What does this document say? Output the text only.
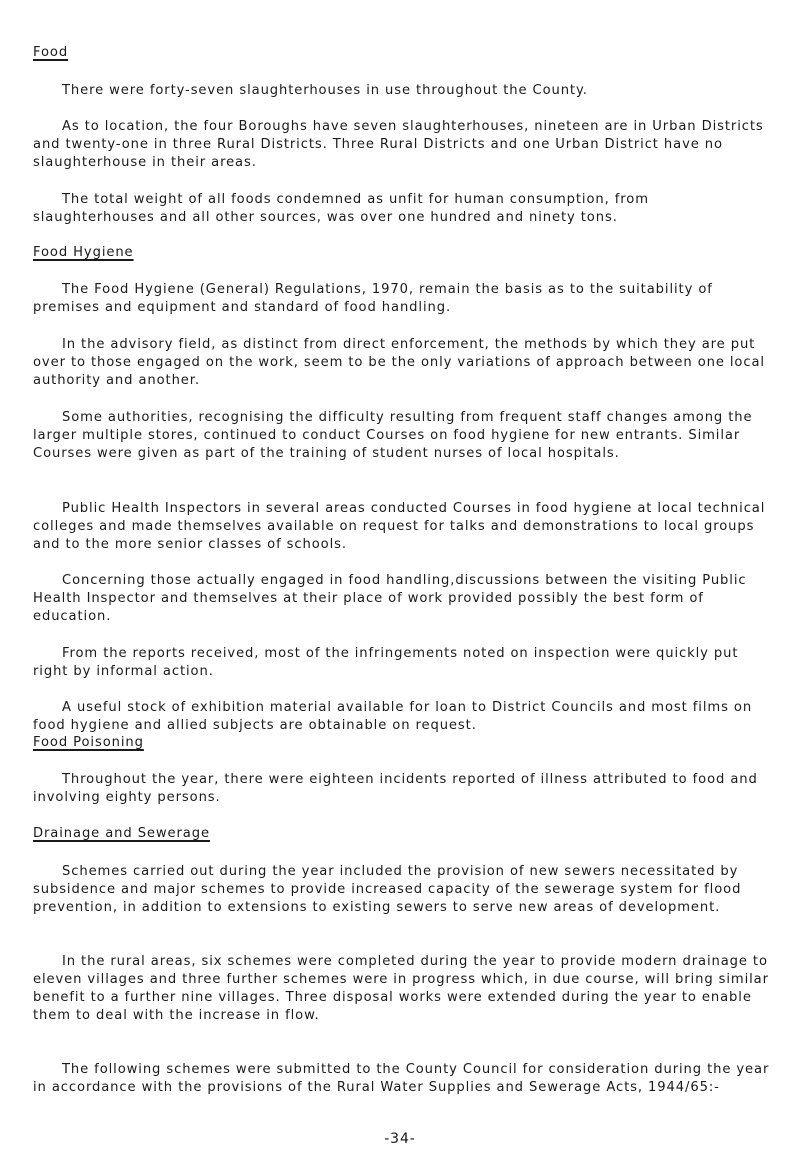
Food

There were forty-seven slaughterhouses in use throughout the County.

As to location, the four Boroughs have seven slaughterhouses, nineteen are in Urban Districts and twenty-one in three Rural Districts. Three Rural Districts and one Urban District have no slaughterhouse in their areas.

The total weight of all foods condemned as unfit for human consumption, from slaughterhouses and all other sources, was over one hundred and ninety tons.

Food Hygiene

The Food Hygiene (General) Regulations, 1970, remain the basis as to the suitability of premises and equipment and standard of food handling.

In the advisory field, as distinct from direct enforcement, the methods by which they are put over to those engaged on the work, seem to be the only variations of approach between one local authority and another.

Some authorities, recognising the difficulty resulting from frequent staff changes among the larger multiple stores, continued to conduct Courses on food hygiene for new entrants. Similar Courses were given as part of the training of student nurses of local hospitals.

Public Health Inspectors in several areas conducted Courses in food hygiene at local technical colleges and made themselves available on request for talks and demonstrations to local groups and to the more senior classes of schools.

Concerning those actually engaged in food handling,discussions between the visiting Public Health Inspector and themselves at their place of work provided possibly the best form of education.

From the reports received, most of the infringements noted on inspection were quickly put right by informal action.

A useful stock of exhibition material available for loan to District Councils and most films on food hygiene and allied subjects are obtainable on request.

Food Poisoning

Throughout the year, there were eighteen incidents reported of illness attributed to food and involving eighty persons.

Drainage and Sewerage

Schemes carried out during the year included the provision of new sewers necessitated by subsidence and major schemes to provide increased capacity of the sewerage system for flood prevention, in addition to extensions to existing sewers to serve new areas of development.

In the rural areas, six schemes were completed during the year to provide modern drainage to eleven villages and three further schemes were in progress which, in due course, will bring similar benefit to a further nine villages. Three disposal works were extended during the year to enable them to deal with the increase in flow.

The following schemes were submitted to the County Council for consideration during the year in accordance with the provisions of the Rural Water Supplies and Sewerage Acts, 1944/65:-

-34-
